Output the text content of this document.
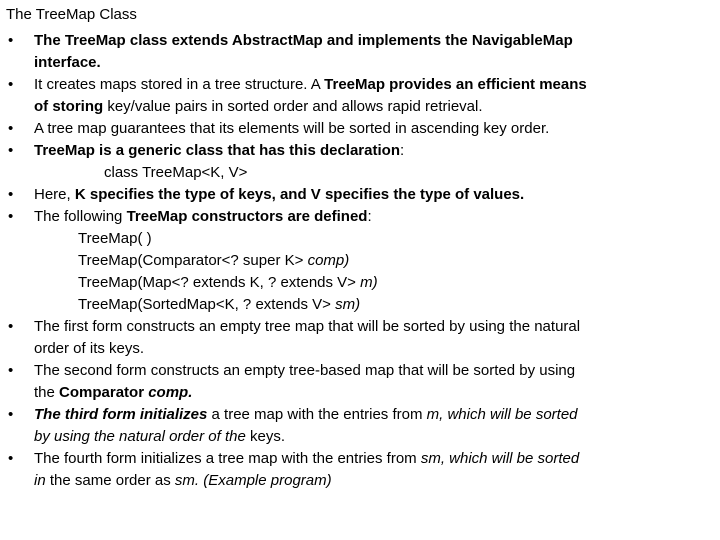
The TreeMap Class
•	The TreeMap class extends AbstractMap and implements the NavigableMap
interface.
•	It creates maps stored in a tree structure. A TreeMap provides an efficient means
of storing key/value pairs in sorted order and allows rapid retrieval.
•	A tree map guarantees that its elements will be sorted in ascending key order.
•	TreeMap is a generic class that has this declaration:
class TreeMap<K, V>
•	Here, K specifies the type of keys, and V specifies the type of values.
•	The following TreeMap constructors are defined:
TreeMap( )
TreeMap(Comparator<? super K> comp)
TreeMap(Map<? extends K, ? extends V> m)
TreeMap(SortedMap<K, ? extends V> sm)
•	The first form constructs an empty tree map that will be sorted by using the natural
order of its keys.
•	The second form constructs an empty tree-based map that will be sorted by using
the Comparator comp.
•	The third form initializes a tree map with the entries from m, which will be sorted
by using the natural order of the keys.
•	The fourth form initializes a tree map with the entries from sm, which will be sorted
in the same order as sm. (Example program)
